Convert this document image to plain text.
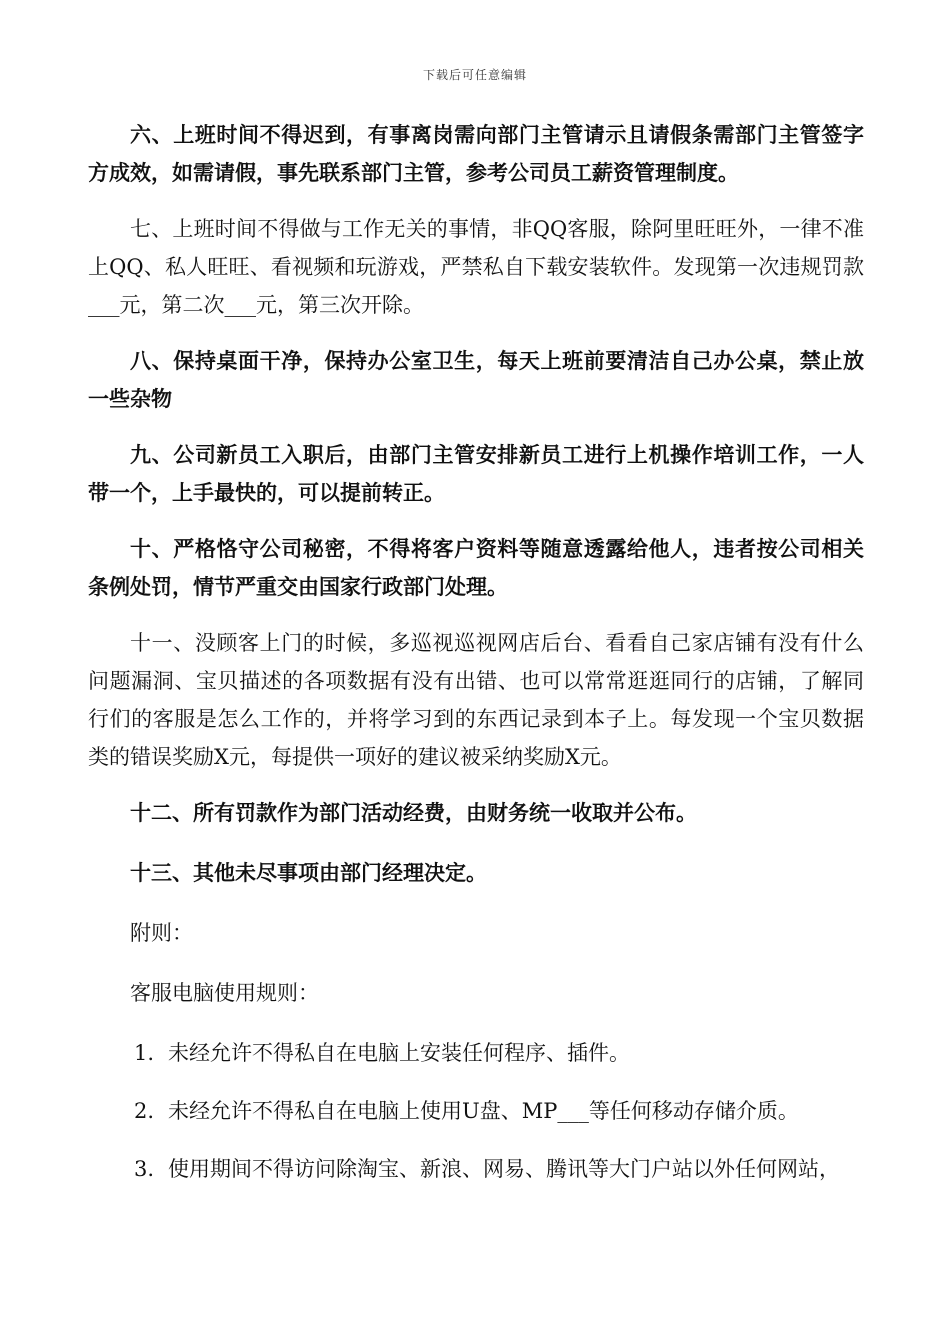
下载后可任意编辑

六、上班时间不得迟到，有事离岗需向部门主管请示且请假条需部门主管签字方成效，如需请假，事先联系部门主管，参考公司员工薪资管理制度。

七、上班时间不得做与工作无关的事情，非QQ客服，除阿里旺旺外，一律不准上QQ、私人旺旺、看视频和玩游戏，严禁私自下载安装软件。发现第一次违规罚款___元，第二次___元，第三次开除。

八、保持桌面干净，保持办公室卫生，每天上班前要清洁自己办公桌，禁止放一些杂物

九、公司新员工入职后，由部门主管安排新员工进行上机操作培训工作，一人带一个，上手最快的，可以提前转正。

十、严格恪守公司秘密，不得将客户资料等随意透露给他人，违者按公司相关条例处罚，情节严重交由国家行政部门处理。

十一、没顾客上门的时候，多巡视巡视网店后台、看看自己家店铺有没有什么问题漏洞、宝贝描述的各项数据有没有出错、也可以常常逛逛同行的店铺，了解同行们的客服是怎么工作的，并将学习到的东西记录到本子上。每发现一个宝贝数据类的错误奖励X元，每提供一项好的建议被采纳奖励X元。

十二、所有罚款作为部门活动经费，由财务统一收取并公布。

十三、其他未尽事项由部门经理决定。

附则：

客服电脑使用规则：

1. 未经允许不得私自在电脑上安装任何程序、插件。
2. 未经允许不得私自在电脑上使用U盘、MP___等任何移动存储介质。
3. 使用期间不得访问除淘宝、新浪、网易、腾讯等大门户站以外任何网站，
